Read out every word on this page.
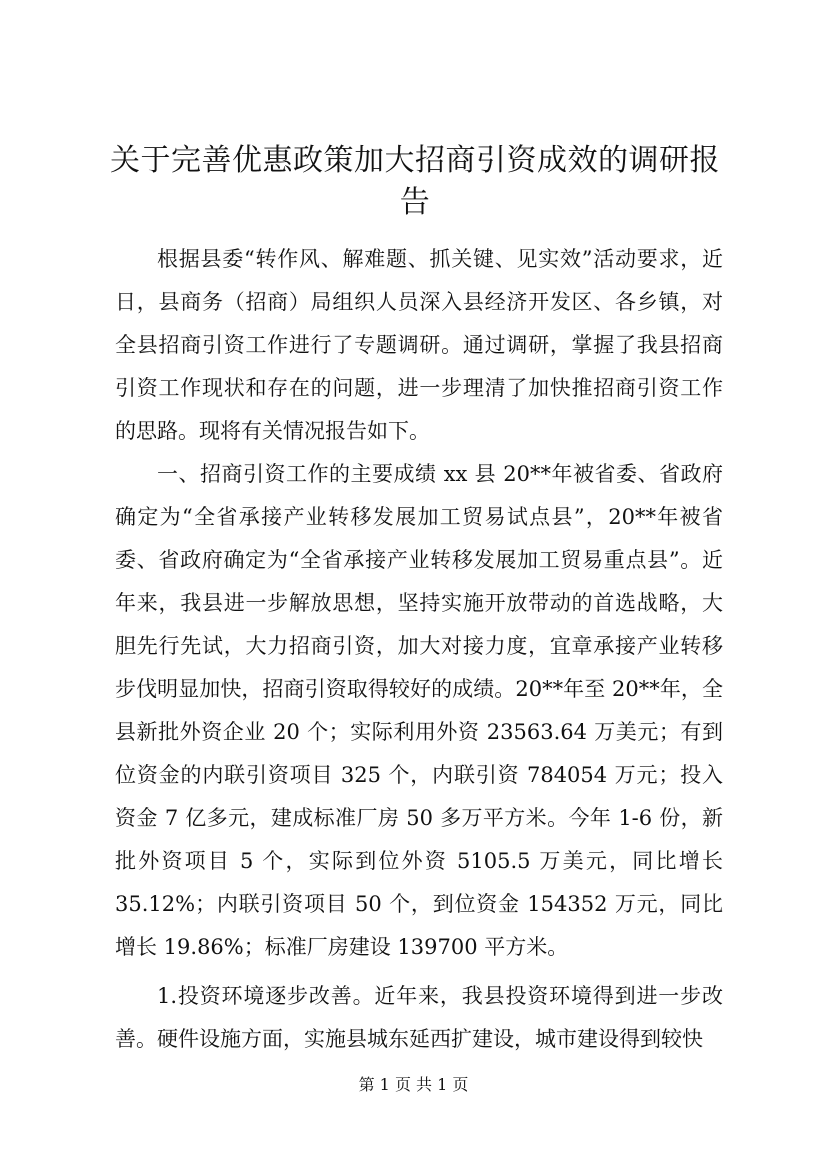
关于完善优惠政策加大招商引资成效的调研报告

根据县委“转作风、解难题、抓关键、见实效”活动要求，近日，县商务（招商）局组织人员深入县经济开发区、各乡镇，对全县招商引资工作进行了专题调研。通过调研，掌握了我县招商引资工作现状和存在的问题，进一步理清了加快推招商引资工作的思路。现将有关情况报告如下。

一、招商引资工作的主要成绩 xx 县 20**年被省委、省政府确定为“全省承接产业转移发展加工贸易试点县”，20**年被省委、省政府确定为“全省承接产业转移发展加工贸易重点县”。近年来，我县进一步解放思想，坚持实施开放带动的首选战略，大胆先行先试，大力招商引资，加大对接力度，宜章承接产业转移步伐明显加快，招商引资取得较好的成绩。20**年至 20**年，全县新批外资企业 20 个；实际利用外资 23563.64 万美元；有到位资金的内联引资项目 325 个，内联引资 784054 万元；投入资金 7 亿多元，建成标准厂房 50 多万平方米。今年 1-6 份，新批外资项目 5 个，实际到位外资 5105.5 万美元，同比增长 35.12%；内联引资项目 50 个，到位资金 154352 万元，同比增长 19.86%；标准厂房建设 139700 平方米。

1.投资环境逐步改善。近年来，我县投资环境得到进一步改善。硬件设施方面，实施县城东延西扩建设，城市建设得到较快

第 1 页 共 1 页
